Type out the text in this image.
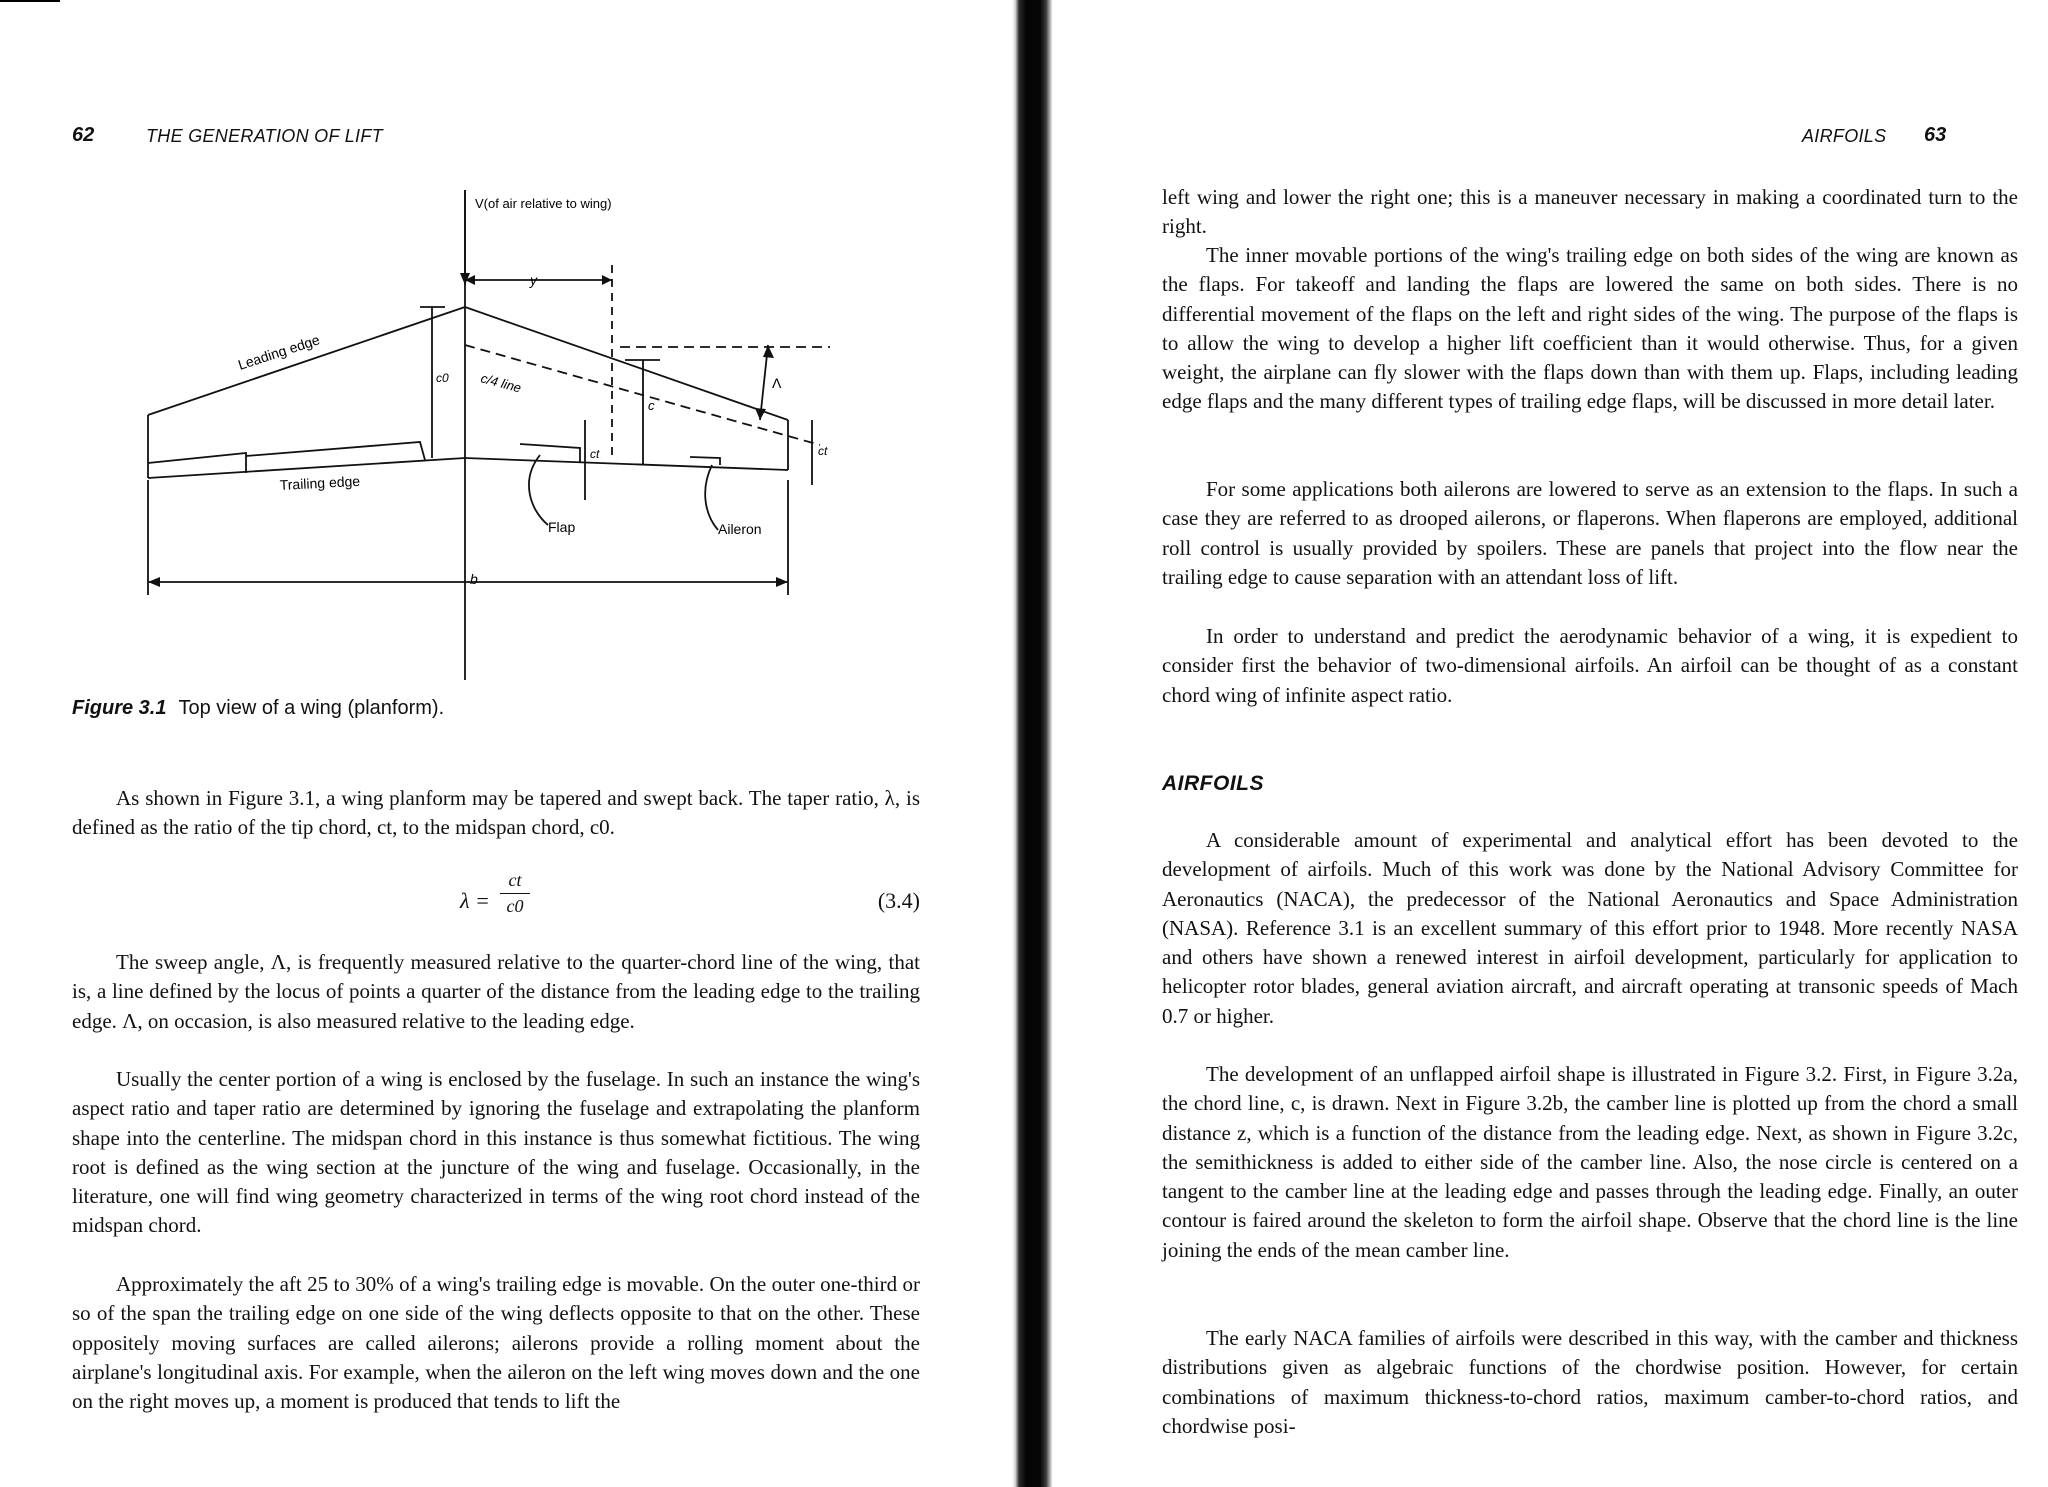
62	THE GENERATION OF LIFT
V(of air relative to wing)
y
Leading edge
Trailing edge
c0 c/4 line
c
Λ
ct	ct
Flap	Aileron
b
Figure 3.1 Top view of a wing (planform).

As shown in Figure 3.1, a wing planform may be tapered and swept back. The taper ratio, λ, is defined as the ratio of the tip chord, ct, to the midspan chord, c0.

λ =
ct
c0	(3.4)

The sweep angle, Λ, is frequently measured relative to the quarter-chord line of the wing, that is, a line defined by the locus of points a quarter of the distance from the leading edge to the trailing edge. Λ, on occasion, is also measured relative to the leading edge.

Usually the center portion of a wing is enclosed by the fuselage. In such an instance the wing's aspect ratio and taper ratio are determined by ignoring the fuselage and extrapolating the planform shape into the centerline. The midspan chord in this instance is thus somewhat fictitious. The wing root is defined as the wing section at the juncture of the wing and fuselage. Occasionally, in the literature, one will find wing geometry characterized in terms of the wing root chord instead of the midspan chord.

Approximately the aft 25 to 30% of a wing's trailing edge is movable. On the outer one-third or so of the span the trailing edge on one side of the wing deflects opposite to that on the other. These oppositely moving surfaces are called ailerons; ailerons provide a rolling moment about the airplane's longitudinal axis. For example, when the aileron on the left wing moves down and the one on the right moves up, a moment is produced that tends to lift the

AIRFOILS 63

left wing and lower the right one; this is a maneuver necessary in making a coordinated turn to the right.

The inner movable portions of the wing's trailing edge on both sides of the wing are known as the flaps. For takeoff and landing the flaps are lowered the same on both sides. There is no differential movement of the flaps on the left and right sides of the wing. The purpose of the flaps is to allow the wing to develop a higher lift coefficient than it would otherwise. Thus, for a given weight, the airplane can fly slower with the flaps down than with them up. Flaps, including leading edge flaps and the many different types of trailing edge flaps, will be discussed in more detail later.

For some applications both ailerons are lowered to serve as an extension to the flaps. In such a case they are referred to as drooped ailerons, or flaperons. When flaperons are employed, additional roll control is usually provided by spoilers. These are panels that project into the flow near the trailing edge to cause separation with an attendant loss of lift.

In order to understand and predict the aerodynamic behavior of a wing, it is expedient to consider first the behavior of two-dimensional airfoils. An airfoil can be thought of as a constant chord wing of infinite aspect ratio.

AIRFOILS

A considerable amount of experimental and analytical effort has been devoted to the development of airfoils. Much of this work was done by the National Advisory Committee for Aeronautics (NACA), the predecessor of the National Aeronautics and Space Administration (NASA). Reference 3.1 is an excellent summary of this effort prior to 1948. More recently NASA and others have shown a renewed interest in airfoil development, particularly for application to helicopter rotor blades, general aviation aircraft, and aircraft operating at transonic speeds of Mach 0.7 or higher.

The development of an unflapped airfoil shape is illustrated in Figure 3.2. First, in Figure 3.2a, the chord line, c, is drawn. Next in Figure 3.2b, the camber line is plotted up from the chord a small distance z, which is a function of the distance from the leading edge. Next, as shown in Figure 3.2c, the semithickness is added to either side of the camber line. Also, the nose circle is centered on a tangent to the camber line at the leading edge and passes through the leading edge. Finally, an outer contour is faired around the skeleton to form the airfoil shape. Observe that the chord line is the line joining the ends of the mean camber line.

The early NACA families of airfoils were described in this way, with the camber and thickness distributions given as algebraic functions of the chordwise position. However, for certain combinations of maximum thickness-to-chord ratios, maximum camber-to-chord ratios, and chordwise posi-
